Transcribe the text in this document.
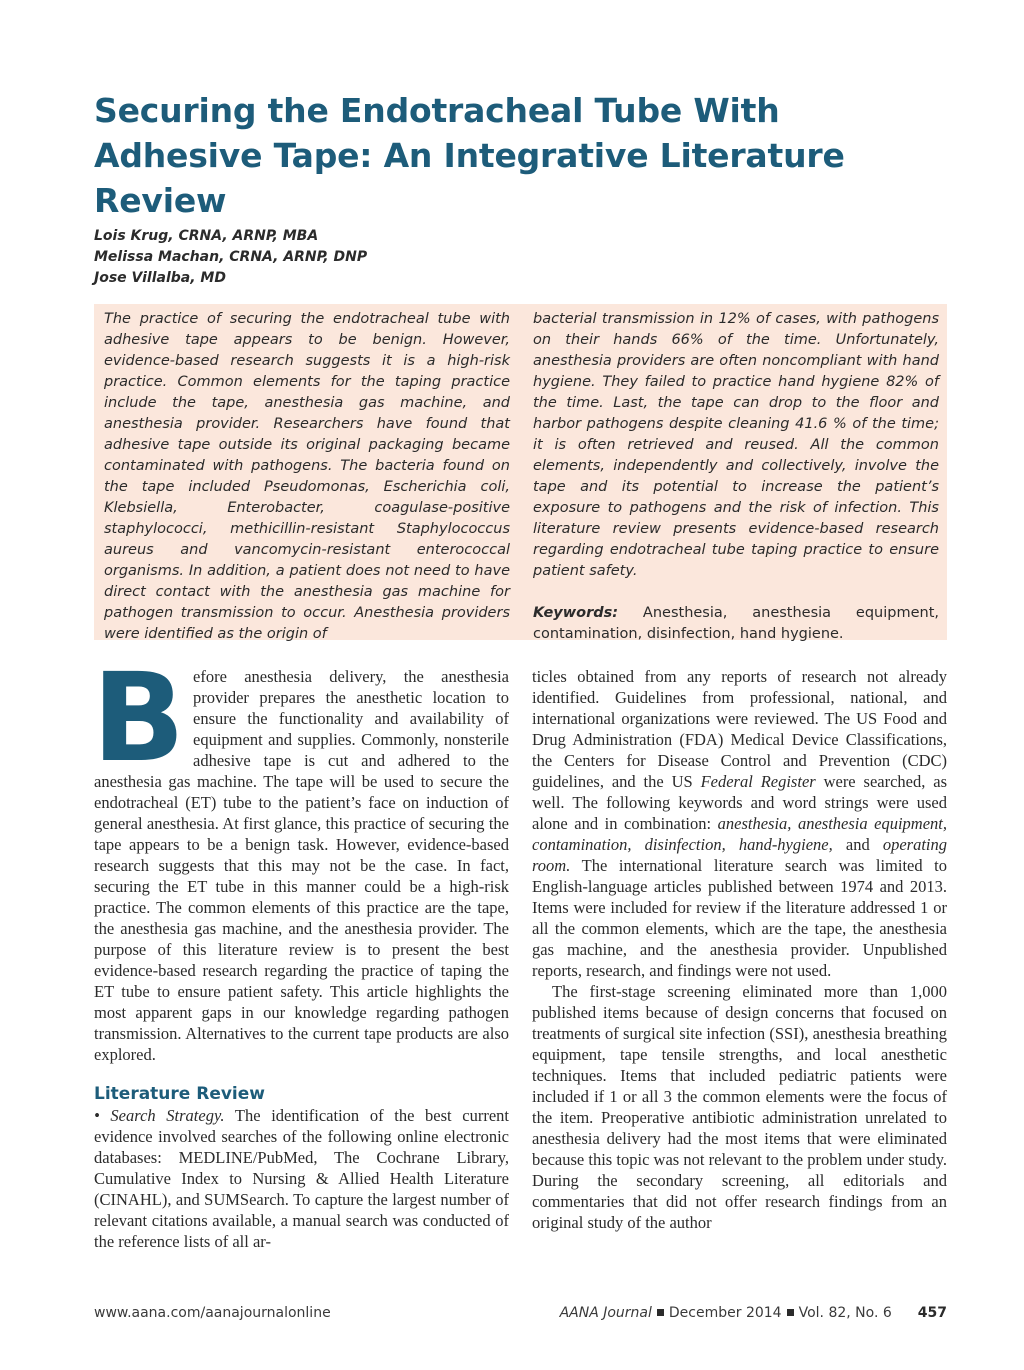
Securing the Endotracheal Tube With Adhesive Tape: An Integrative Literature Review
Lois Krug, CRNA, ARNP, MBA
Melissa Machan, CRNA, ARNP, DNP
Jose Villalba, MD

The practice of securing the endotracheal tube with adhesive tape appears to be benign. However, evidence-based research suggests it is a high-risk practice. Common elements for the taping practice include the tape, anesthesia gas machine, and anesthesia provider. Researchers have found that adhesive tape outside its original packaging became contaminated with pathogens. The bacteria found on the tape included Pseudomonas, Escherichia coli, Klebsiella, Enterobacter, coagulase-positive staphylococci, methicillin-resistant Staphylococcus aureus and vancomycin-resistant enterococcal organisms. In addition, a patient does not need to have direct contact with the anesthesia gas machine for pathogen transmission to occur. Anesthesia providers were identified as the origin of

bacterial transmission in 12% of cases, with pathogens on their hands 66% of the time. Unfortunately, anesthesia providers are often noncompliant with hand hygiene. They failed to practice hand hygiene 82% of the time. Last, the tape can drop to the floor and harbor pathogens despite cleaning 41.6 % of the time; it is often retrieved and reused. All the common elements, independently and collectively, involve the tape and its potential to increase the patient’s exposure to pathogens and the risk of infection. This literature review presents evidence-based research regarding endotracheal tube taping practice to ensure patient safety.

Keywords: Anesthesia, anesthesia equipment, contamination, disinfection, hand hygiene.

Before anesthesia delivery, the anesthesia provider prepares the anesthetic location to ensure the functionality and availability of equipment and supplies. Commonly, nonsterile adhesive tape is cut and adhered to the anesthesia gas machine. The tape will be used to secure the endotracheal (ET) tube to the patient’s face on induction of general anesthesia. At first glance, this practice of securing the tape appears to be a benign task. However, evidence-based research suggests that this may not be the case. In fact, securing the ET tube in this manner could be a high-risk practice. The common elements of this practice are the tape, the anesthesia gas machine, and the anesthesia provider. The purpose of this literature review is to present the best evidence-based research regarding the practice of taping the ET tube to ensure patient safety. This article highlights the most apparent gaps in our knowledge regarding pathogen transmission. Alternatives to the current tape products are also explored.

Literature Review

• Search Strategy. The identification of the best current evidence involved searches of the following online electronic databases: MEDLINE/PubMed, The Cochrane Library, Cumulative Index to Nursing & Allied Health Literature (CINAHL), and SUMSearch. To capture the largest number of relevant citations available, a manual search was conducted of the reference lists of all ar-

ticles obtained from any reports of research not already identified. Guidelines from professional, national, and international organizations were reviewed. The US Food and Drug Administration (FDA) Medical Device Classifications, the Centers for Disease Control and Prevention (CDC) guidelines, and the US Federal Register were searched, as well. The following keywords and word strings were used alone and in combination: anesthesia, anesthesia equipment, contamination, disinfection, hand-hygiene, and operating room. The international literature search was limited to English-language articles published between 1974 and 2013. Items were included for review if the literature addressed 1 or all the common elements, which are the tape, the anesthesia gas machine, and the anesthesia provider. Unpublished reports, research, and findings were not used.

The first-stage screening eliminated more than 1,000 published items because of design concerns that focused on treatments of surgical site infection (SSI), anesthesia breathing equipment, tape tensile strengths, and local anesthetic techniques. Items that included pediatric patients were included if 1 or all 3 the common elements were the focus of the item. Preoperative antibiotic administration unrelated to anesthesia delivery had the most items that were eliminated because this topic was not relevant to the problem under study. During the secondary screening, all editorials and commentaries that did not offer research findings from an original study of the author

www.aana.com/aanajournalonline	AANA Journal December 2014 Vol. 82, No. 6 457
